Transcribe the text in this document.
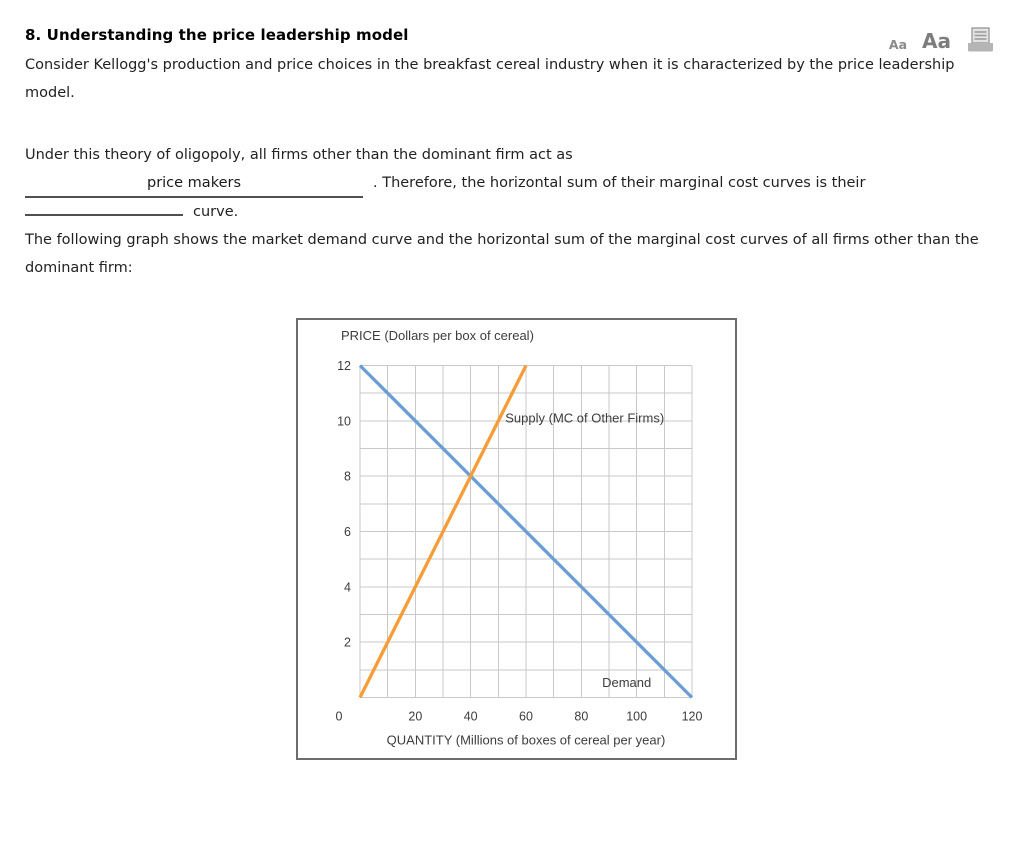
8. Understanding the price leadership model	Aa Aa

Consider Kellogg's production and price choices in the breakfast cereal industry when it is characterized by the price leadership model.

Under this theory of oligopoly, all firms other than the dominant firm act as
price makers	. Therefore, the horizontal sum of their marginal cost curves is their
curve.

The following graph shows the market demand curve and the horizontal sum of the marginal cost curves of all firms other than the dominant firm:

PRICE (Dollars per box of cereal)
2
4
6
8
10
12
0	20	40	60	80	100	120
QUANTITY (Millions of boxes of cereal per year)
Demand
Supply (MC of Other Firms)
